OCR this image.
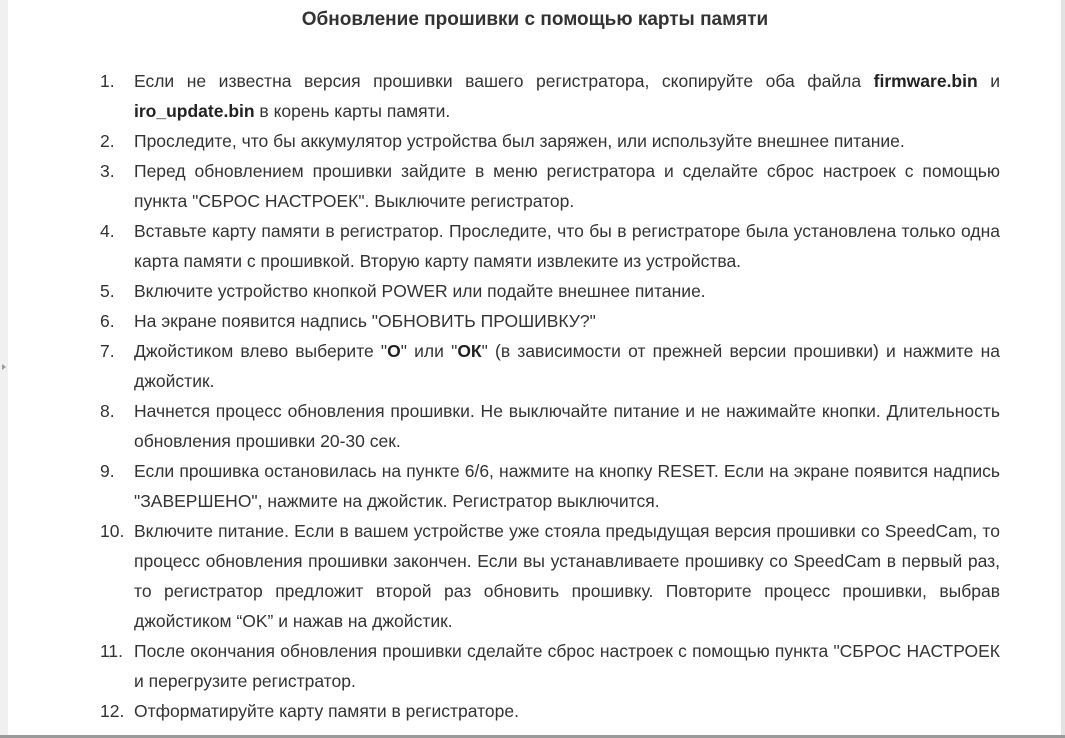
Обновление прошивки с помощью карты памяти
1.	Если не известна версия прошивки вашего регистратора, скопируйте оба файла firmware.bin и iro_update.bin в корень карты памяти.
2.	Проследите, что бы аккумулятор устройства был заряжен, или используйте внешнее питание.
3.	Перед обновлением прошивки зайдите в меню регистратора и сделайте сброс настроек с помощью пункта "СБРОС НАСТРОЕК". Выключите регистратор.
4.	Вставьте карту памяти в регистратор. Проследите, что бы в регистраторе была установлена только одна карта памяти с прошивкой. Вторую карту памяти извлеките из устройства.
5.	Включите устройство кнопкой POWER или подайте внешнее питание.
6.	На экране появится надпись "ОБНОВИТЬ ПРОШИВКУ?"
7.	Джойстиком влево выберите "О" или "ОК" (в зависимости от прежней версии прошивки) и нажмите на джойстик.
8.	Начнется процесс обновления прошивки. Не выключайте питание и не нажимайте кнопки. Длительность обновления прошивки 20-30 сек.
9.	Если прошивка остановилась на пункте 6/6, нажмите на кнопку RESET. Если на экране появится надпись "ЗАВЕРШЕНО", нажмите на джойстик. Регистратор выключится.
10. Включите питание. Если в вашем устройстве уже стояла предыдущая версия прошивки со SpeedCam, то процесс обновления прошивки закончен. Если вы устанавливаете прошивку со SpeedCam в первый раз, то регистратор предложит второй раз обновить прошивку. Повторите процесс прошивки, выбрав джойстиком “OK” и нажав на джойстик.
11. После окончания обновления прошивки сделайте сброс настроек с помощью пункта "СБРОС НАСТРОЕК и перегрузите регистратор.
12. Отформатируйте карту памяти в регистраторе.
